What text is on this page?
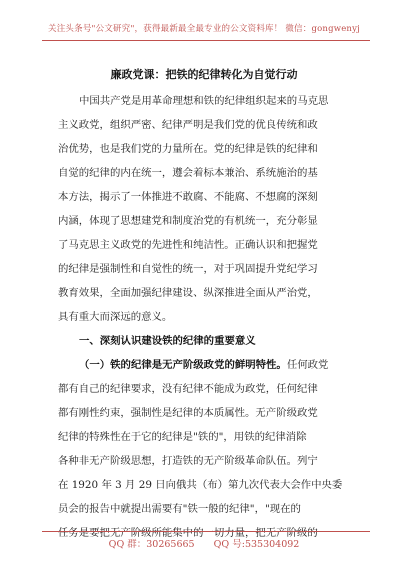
关注头条号"公文研究"，获得最新最全最专业的公文资料库！ 微信：gongwenyj
廉政党课：把铁的纪律转化为自觉行动
中国共产党是用革命理想和铁的纪律组织起来的马克思
主义政党，组织严密、纪律严明是我们党的优良传统和政
治优势，也是我们党的力量所在。党的纪律是铁的纪律和
自觉的纪律的内在统一，遵会着标本兼治、系统施治的基
本方法，揭示了一体推进不敢腐、不能腐、不想腐的深刻
内涵，体现了思想建党和制度治党的有机统一，充分彰显
了马克思主义政党的先进性和纯洁性。正确认识和把握党
的纪律是强制性和自觉性的统一，对于巩固提升党纪学习
教育效果，全面加强纪律建设、纵深推进全面从严治党，
具有重大而深远的意义。
一、深刻认识建设铁的纪律的重要意义
（一）铁的纪律是无产阶级政党的鲜明特性。任何政党
都有自己的纪律要求，没有纪律不能成为政党，任何纪律
都有刚性约束，强制性是纪律的本质属性。无产阶级政党
纪律的特殊性在于它的纪律是"铁的"，用铁的纪律消除
各种非无产阶级思想，打造铁的无产阶级革命队伍。列宁
在 1920 年 3 月 29 日向俄共（布）第九次代表大会作中央委
员会的报告中就提出需要有"铁一般的纪律"，"现在的
任务是要把无产阶级所能集中的一切力量，把无产阶级的
QQ 群：30265665 QQ 号:535304092
